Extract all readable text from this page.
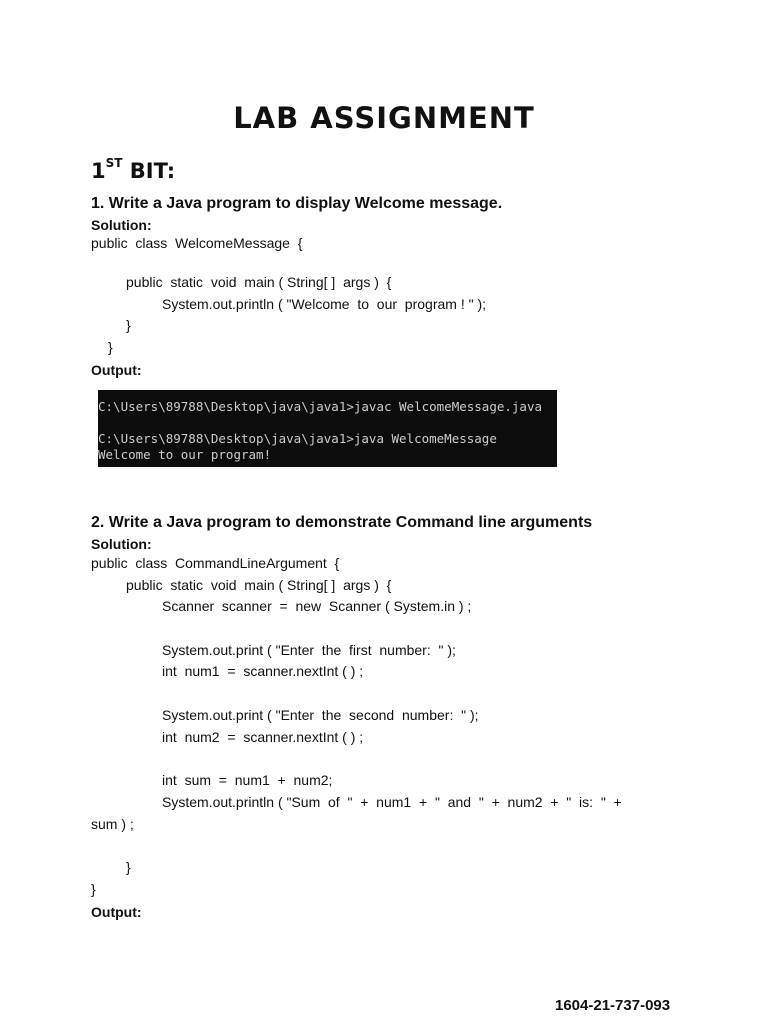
LAB ASSIGNMENT
1ST BIT:
1. Write a Java program to display Welcome message.
Solution:
public  class  WelcomeMessage  {
public  static  void  main ( String[ ]  args )  {
System.out.println ( "Welcome  to  our  program ! " );
}
}
Output:
C:\Users\89788\Desktop\java\java1>javac WelcomeMessage.java
C:\Users\89788\Desktop\java\java1>java WelcomeMessage
Welcome to our program!
2. Write a Java program to demonstrate Command line arguments
Solution:
public  class  CommandLineArgument  {
public  static  void  main ( String[ ]  args )  {
Scanner  scanner  =  new  Scanner ( System.in ) ;
System.out.print ( "Enter  the  first  number:  " );
int  num1  =  scanner.nextInt ( ) ;
System.out.print ( "Enter  the  second  number:  " );
int  num2  =  scanner.nextInt ( ) ;
int  sum  =  num1  +  num2;
System.out.println ( "Sum  of  "  +  num1  +  "  and  "  +  num2  +  "  is:  "  +
sum ) ;
}
}
Output:
1604-21-737-093
